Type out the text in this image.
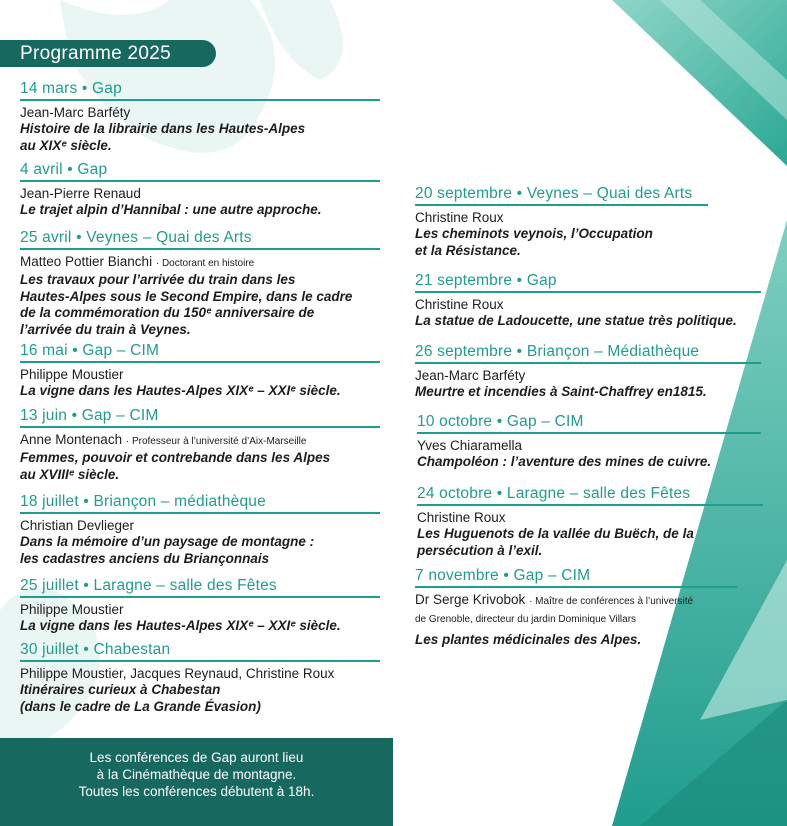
Programme 2025
14 mars • Gap
Jean-Marc Barféty
Histoire de la librairie dans les Hautes-Alpes
au XIXᵉ siècle.
4 avril • Gap
Jean-Pierre Renaud
Le trajet alpin d’Hannibal : une autre approche.
25 avril • Veynes – Quai des Arts
Matteo Pottier Bianchi · Doctorant en histoire
Les travaux pour l’arrivée du train dans les
Hautes-Alpes sous le Second Empire, dans le cadre
de la commémoration du 150ᵉ anniversaire de
l’arrivée du train à Veynes.
16 mai • Gap – CIM
Philippe Moustier
La vigne dans les Hautes-Alpes XIXᵉ – XXIᵉ siècle.
13 juin • Gap – CIM
Anne Montenach · Professeur à l’université d’Aix-Marseille
Femmes, pouvoir et contrebande dans les Alpes
au XVIIIᵉ siècle.
18 juillet • Briançon – médiathèque
Christian Devlieger
Dans la mémoire d’un paysage de montagne :
les cadastres anciens du Briançonnais
25 juillet • Laragne – salle des Fêtes
Philippe Moustier
La vigne dans les Hautes-Alpes XIXᵉ – XXIᵉ siècle.
30 juillet • Chabestan
Philippe Moustier, Jacques Reynaud, Christine Roux
Itinéraires curieux à Chabestan
(dans le cadre de La Grande Évasion)
20 septembre • Veynes – Quai des Arts
Christine Roux
Les cheminots veynois, l’Occupation
et la Résistance.
21 septembre • Gap
Christine Roux
La statue de Ladoucette, une statue très politique.
26 septembre • Briançon – Médiathèque
Jean-Marc Barféty
Meurtre et incendies à Saint-Chaffrey en1815.
10 octobre • Gap – CIM
Yves Chiaramella
Champoléon : l’aventure des mines de cuivre.
24 octobre • Laragne – salle des Fêtes
Christine Roux
Les Huguenots de la vallée du Buëch, de la
persécution à l’exil.
7 novembre • Gap – CIM
Dr Serge Krivobok · Maître de conférences à l’université
de Grenoble, directeur du jardin Dominique Villars
Les plantes médicinales des Alpes.
Les conférences de Gap auront lieu
à la Cinémathèque de montagne.
Toutes les conférences débutent à 18h.
